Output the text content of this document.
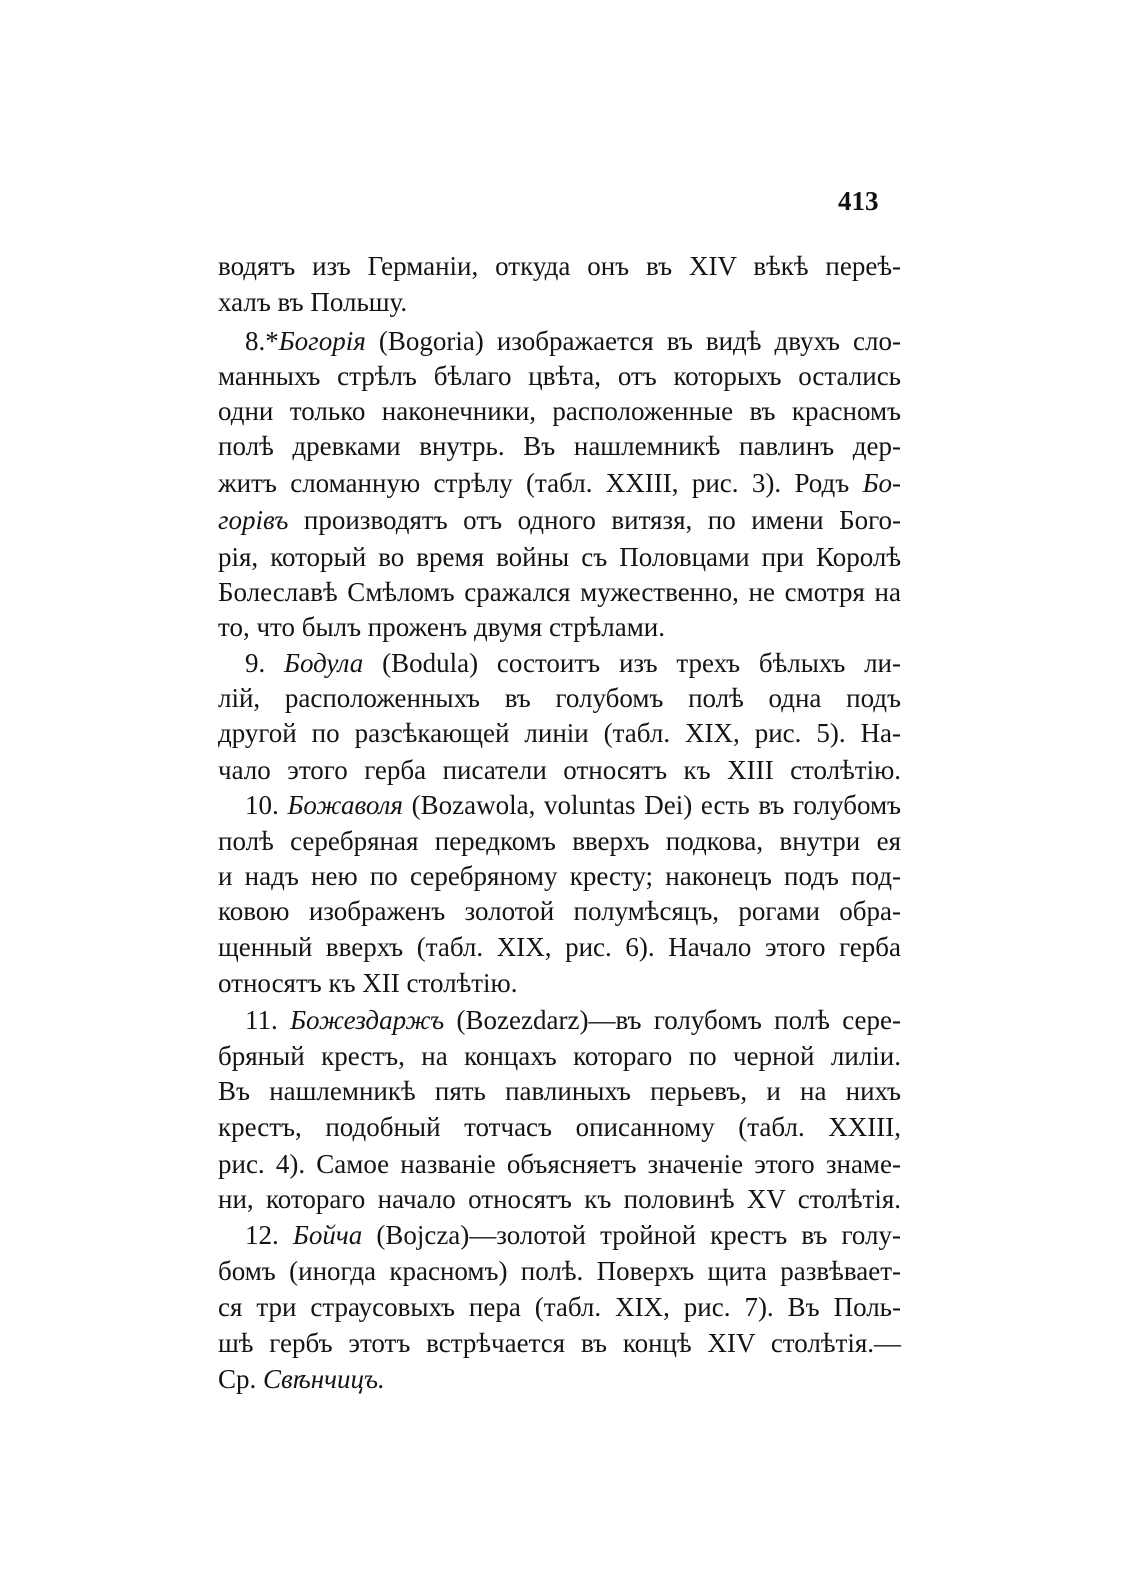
413

водятъ изъ Германіи, откуда онъ въ XIV вѣкѣ переѣ-

халъ въ Польшу.

8.*Богорія (Bogoria) изображается въ видѣ двухъ сло-

манныхъ стрѣлъ бѣлаго цвѣта, отъ которыхъ остались

одни только наконечники, расположенные въ красномъ

полѣ древками внутрь. Въ нашлемникѣ павлинъ дер-

житъ сломанную стрѣлу (табл. XXIII, рис. 3). Родъ Бо-

горівъ производятъ отъ одного витязя, по имени Бого-

рія, который во время войны съ Половцами при Королѣ

Болеславѣ Смѣломъ сражался мужественно, не смотря на

то, что былъ проженъ двумя стрѣлами.

9. Бодула (Bodula) состоитъ изъ трехъ бѣлыхъ ли-

лій, расположенныхъ въ голубомъ полѣ одна подъ

другой по разсѣкающей линіи (табл. XIX, рис. 5). На-

чало этого герба писатели относятъ къ XIII столѣтію.

10. Божаволя (Bozawola, voluntas Dei) есть въ голубомъ

полѣ серебряная передкомъ вверхъ подкова, внутри ея

и надъ нею по серебряному кресту; наконецъ подъ под-

ковою изображенъ золотой полумѣсяцъ, рогами обра-

щенный вверхъ (табл. XIX, рис. 6). Начало этого герба

относятъ къ XII столѣтію.

11. Божездаржъ (Bozezdarz)—въ голубомъ полѣ сере-

бряный крестъ, на концахъ котораго по черной лиліи.

Въ нашлемникѣ пять павлиныхъ перьевъ, и на нихъ

крестъ, подобный тотчасъ описанному (табл. XXIII,

рис. 4). Самое названіе объясняетъ значеніе этого знаме-

ни, котораго начало относятъ къ половинѣ XV столѣтія.

12. Бойча (Bojcza)—золотой тройной крестъ въ голу-

бомъ (иногда красномъ) полѣ. Поверхъ щита развѣвает-

ся три страусовыхъ пера (табл. XIX, рис. 7). Въ Поль-

шѣ гербъ этотъ встрѣчается въ концѣ XIV столѣтія.—

Ср. Свѣнчицъ.
